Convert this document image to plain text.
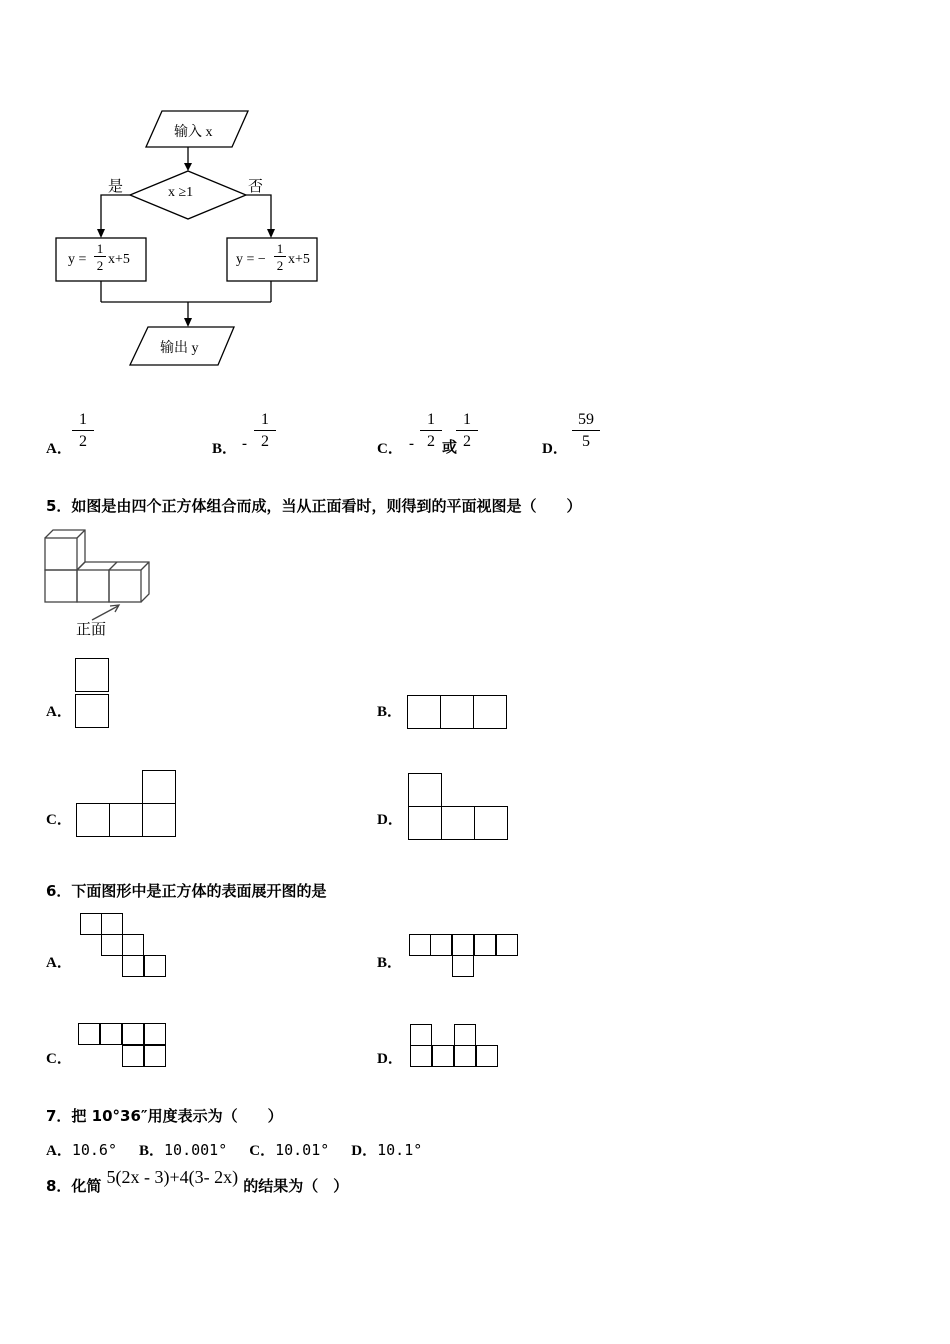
输入 x
x ≥1
是	否
y =
1
2 x+5	y = −
1
2 x+5
输出 y
A． $\frac{1}{2}$	B． - $\frac{1}{2}$	C． - $\frac{1}{2}$ 或
$\frac{1}{2}$	D． $\frac{59}{5}$
5．如图是由四个正方体组合而成，当从正面看时，则得到的平面视图是（　　）
正面
A．	B．
C．	D．
6．下面图形中是正方体的表面展开图的是
A．	B．
C．	D．
7．把 10°36″用度表示为（　　）
A．10.6° B．10.001° C．10.01° D．10.1°
8．化简 5(2x - 3)+4(3- 2x) 的结果为（　）
